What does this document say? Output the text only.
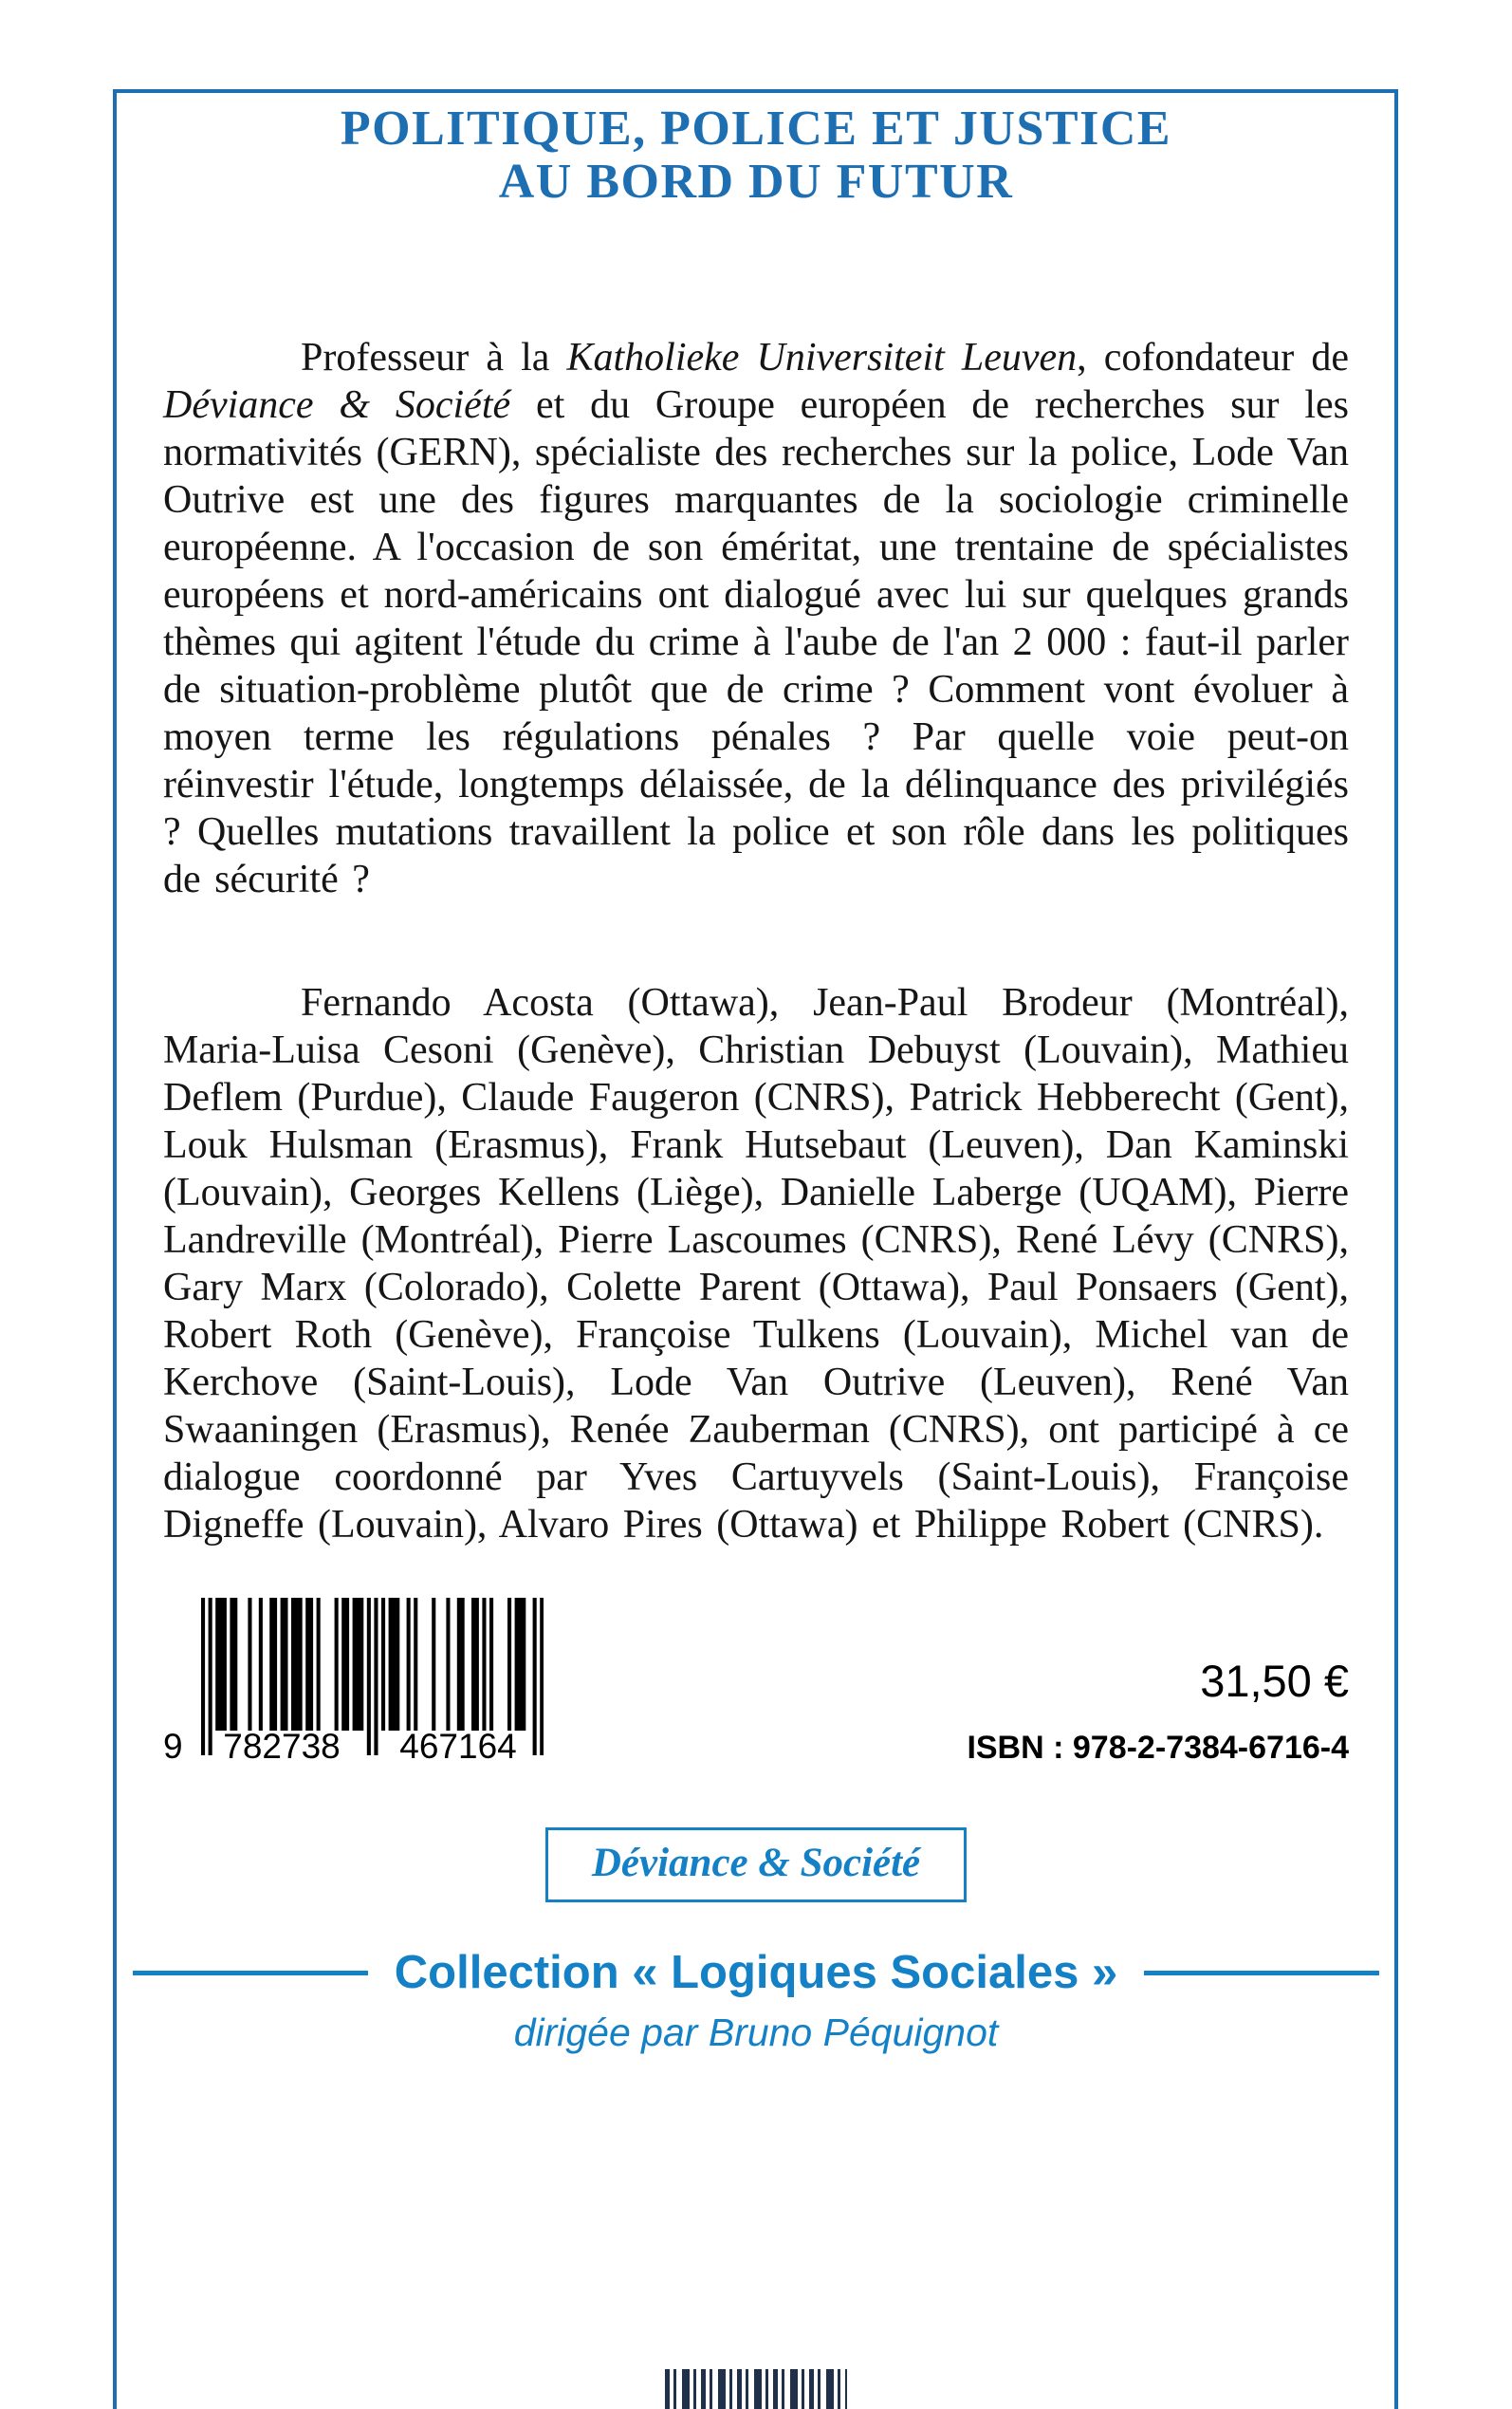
POLITIQUE, POLICE ET JUSTICE
AU BORD DU FUTUR

Professeur à la Katholieke Universiteit Leuven, cofondateur de Déviance & Société et du Groupe européen de recherches sur les normativités (GERN), spécialiste des recherches sur la police, Lode Van Outrive est une des figures marquantes de la sociologie criminelle européenne. A l'occasion de son éméritat, une trentaine de spécialistes européens et nord-américains ont dialogué avec lui sur quelques grands thèmes qui agitent l'étude du crime à l'aube de l'an 2 000 : faut-il parler de situation-problème plutôt que de crime ? Comment vont évoluer à moyen terme les régulations pénales ? Par quelle voie peut-on réinvestir l'étude, longtemps délaissée, de la délinquance des privilégiés ? Quelles mutations travaillent la police et son rôle dans les politiques de sécurité ?

Fernando Acosta (Ottawa), Jean-Paul Brodeur (Montréal), Maria-Luisa Cesoni (Genève), Christian Debuyst (Louvain), Mathieu Deflem (Purdue), Claude Faugeron (CNRS), Patrick Hebberecht (Gent), Louk Hulsman (Erasmus), Frank Hutsebaut (Leuven), Dan Kaminski (Louvain), Georges Kellens (Liège), Danielle Laberge (UQAM), Pierre Landreville (Montréal), Pierre Lascoumes (CNRS), René Lévy (CNRS), Gary Marx (Colorado), Colette Parent (Ottawa), Paul Ponsaers (Gent), Robert Roth (Genève), Françoise Tulkens (Louvain), Michel van de Kerchove (Saint-Louis), Lode Van Outrive (Leuven), René Van Swaaningen (Erasmus), Renée Zauberman (CNRS), ont participé à ce dialogue coordonné par Yves Cartuyvels (Saint-Louis), Françoise Digneffe (Louvain), Alvaro Pires (Ottawa) et Philippe Robert (CNRS).

9	782738	467164
31,50 €
ISBN : 978-2-7384-6716-4
Déviance & Société
Collection « Logiques Sociales »
dirigée par Bruno Péquignot
